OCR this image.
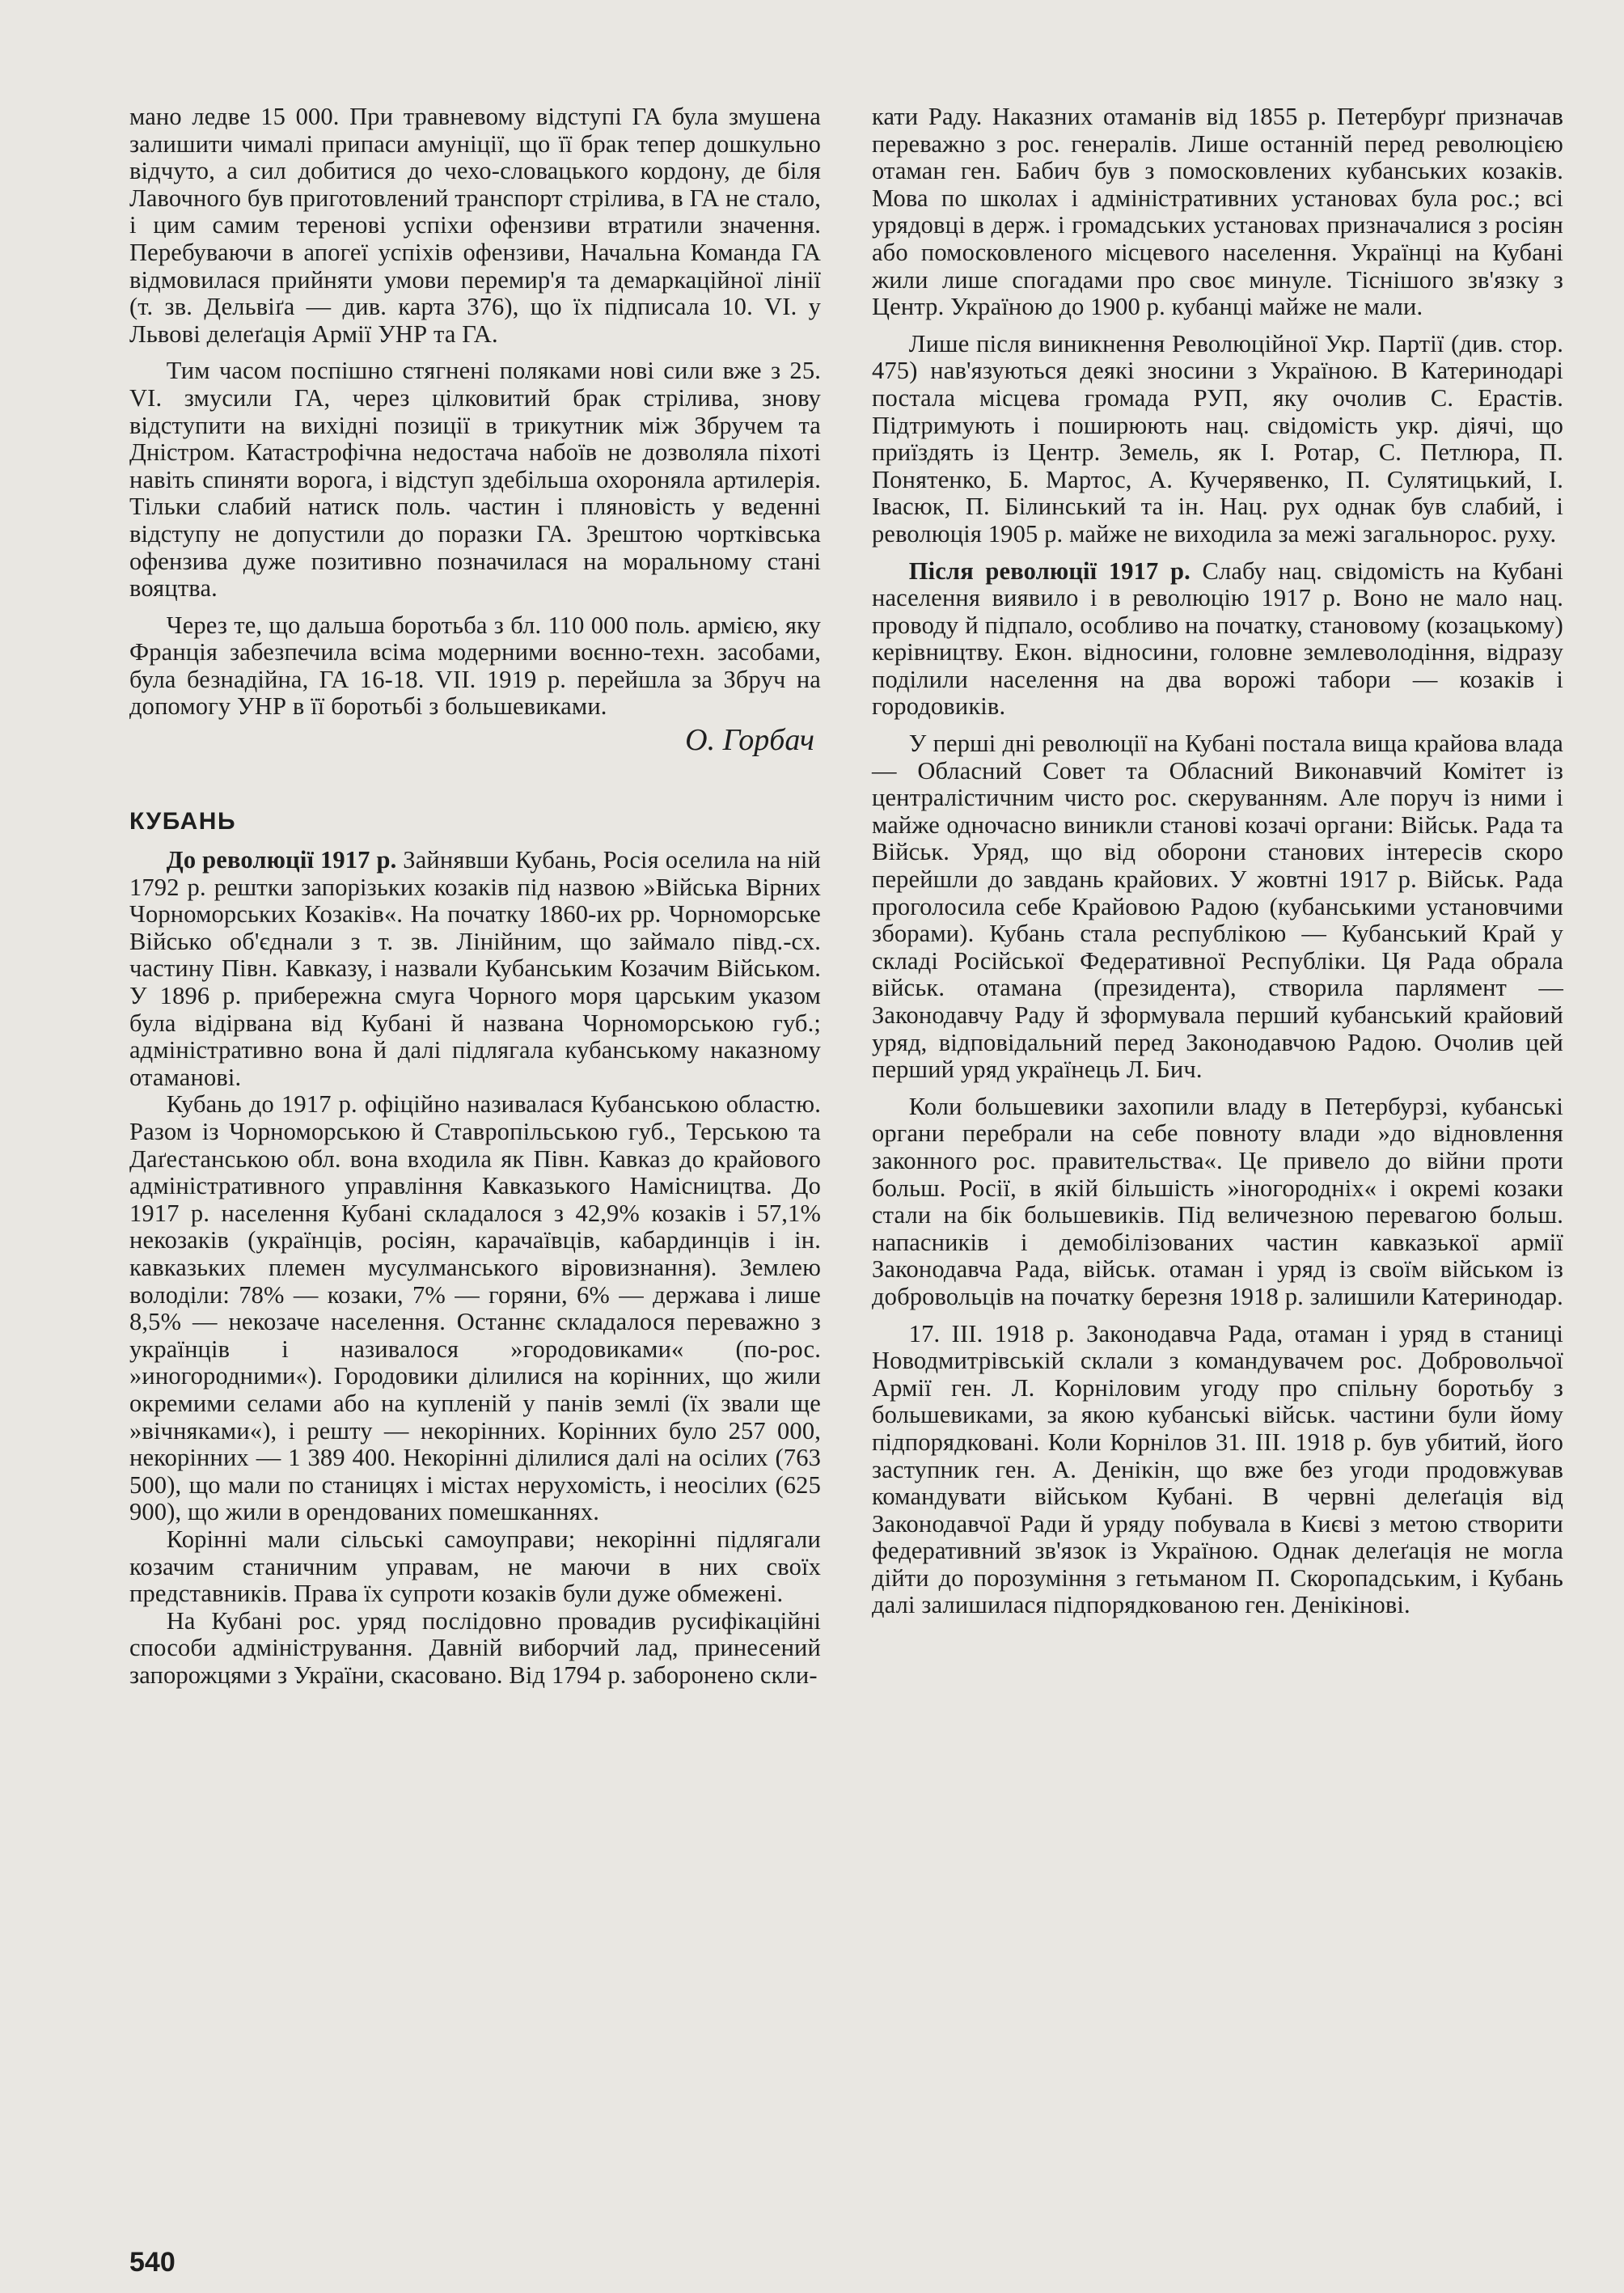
мано ледве 15 000. При травневому відступі ГА була змушена залишити чималі припаси амуніції, що її брак тепер дошкульно відчуто, а сил добитися до чехо-словацького кордону, де біля Лавочного був приготовлений транспорт стрілива, в ГА не стало, і цим самим теренові успіхи офензиви втратили значення. Перебуваючи в апогеї успіхів офензиви, Начальна Команда ГА відмовилася прийняти умови перемир'я та демаркаційної лінії (т. зв. Дельвіґа — див. карта 376), що їх підписала 10. VI. у Львові делеґація Армії УНР та ГА.

Тим часом поспішно стягнені поляками нові сили вже з 25. VI. змусили ГА, через цілковитий брак стрілива, знову відступити на вихідні позиції в трикутник між Збручем та Дністром. Катастрофічна недостача набоїв не дозволяла піхоті навіть спиняти ворога, і відступ здебільша охороняла артилерія. Тільки слабий натиск поль. частин і пляновість у веденні відступу не допустили до поразки ГА. Зрештою чортківська офензива дуже позитивно позначилася на моральному стані вояцтва.

Через те, що дальша боротьба з бл. 110 000 поль. армією, яку Франція забезпечила всіма модерними воєнно-техн. засобами, була безнадійна, ГА 16-18. VII. 1919 р. перейшла за Збруч на допомогу УНР в її боротьбі з большевиками.

О. Горбач
КУБАНЬ

До революції 1917 р. Зайнявши Кубань, Росія оселила на ній 1792 р. рештки запорізьких козаків під назвою »Війська Вірних Чорноморських Козаків«. На початку 1860-их рр. Чорноморське Військо об'єднали з т. зв. Лінійним, що займало півд.-сх. частину Півн. Кавказу, і назвали Кубанським Козачим Військом. У 1896 р. прибережна смуга Чорного моря царським указом була відірвана від Кубані й названа Чорноморською губ.; адміністративно вона й далі підлягала кубанському наказному отаманові.

Кубань до 1917 р. офіційно називалася Кубанською областю. Разом із Чорноморською й Ставропільською губ., Терською та Даґестанською обл. вона входила як Півн. Кавказ до крайового адміністративного управління Кавказького Намісництва. До 1917 р. населення Кубані складалося з 42,9% козаків і 57,1% некозаків (українців, росіян, карачаївців, кабардинців і ін. кавказьких племен мусулманського віровизнання). Землею володіли: 78% — козаки, 7% — горяни, 6% — держава і лише 8,5% — некозаче населення. Останнє складалося переважно з українців і називалося »городовиками« (по-рос. »иногородними«). Городовики ділилися на корінних, що жили окремими селами або на купленій у панів землі (їх звали ще »вічняками«), і решту — некорінних. Корінних було 257 000, некорінних — 1 389 400. Некорінні ділилися далі на осілих (763 500), що мали по станицях і містах нерухомість, і неосілих (625 900), що жили в орендованих помешканнях.

Корінні мали сільські самоуправи; некорінні підлягали козачим станичним управам, не маючи в них своїх представників. Права їх супроти козаків були дуже обмежені.

На Кубані рос. уряд послідовно провадив русифікаційні способи адміністрування. Давній виборчий лад, принесений запорожцями з України, скасовано. Від 1794 р. заборонено скли-

кати Раду. Наказних отаманів від 1855 р. Петербурґ призначав переважно з рос. генералів. Лише останній перед революцією отаман ген. Бабич був з помосковлених кубанських козаків. Мова по школах і адміністративних установах була рос.; всі урядовці в держ. і громадських установах призначалися з росіян або помосковленого місцевого населення. Українці на Кубані жили лише спогадами про своє минуле. Тіснішого зв'язку з Центр. Україною до 1900 р. кубанці майже не мали.

Лише після виникнення Революційної Укр. Партії (див. стор. 475) нав'язуються деякі зносини з Україною. В Катеринодарі постала місцева громада РУП, яку очолив С. Ерастів. Підтримують і поширюють нац. свідомість укр. діячі, що приїздять із Центр. Земель, як І. Ротар, С. Петлюра, П. Понятенко, Б. Мартос, А. Кучерявенко, П. Сулятицький, І. Івасюк, П. Білинський та ін. Нац. рух однак був слабий, і революція 1905 р. майже не виходила за межі загальнорос. руху.

Після революції 1917 р. Слабу нац. свідомість на Кубані населення виявило і в революцію 1917 р. Воно не мало нац. проводу й підпало, особливо на початку, становому (козацькому) керівництву. Екон. відносини, головне землеволодіння, відразу поділили населення на два ворожі табори — козаків і городовиків.

У перші дні революції на Кубані постала вища крайова влада — Обласний Совет та Обласний Виконавчий Комітет із централістичним чисто рос. скеруванням. Але поруч із ними і майже одночасно виникли станові козачі органи: Військ. Рада та Військ. Уряд, що від оборони станових інтересів скоро перейшли до завдань крайових. У жовтні 1917 р. Військ. Рада проголосила себе Крайовою Радою (кубанськими установчими зборами). Кубань стала республікою — Кубанський Край у складі Російської Федеративної Республіки. Ця Рада обрала військ. отамана (президента), створила парлямент — Законодавчу Раду й зформувала перший кубанський крайовий уряд, відповідальний перед Законодавчою Радою. Очолив цей перший уряд українець Л. Бич.

Коли большевики захопили владу в Петербурзі, кубанські органи перебрали на себе повноту влади »до відновлення законного рос. правительства«. Це привело до війни проти больш. Росії, в якій більшість »іногородніх« і окремі козаки стали на бік большевиків. Під величезною перевагою больш. напасників і демобілізованих частин кавказької армії Законодавча Рада, військ. отаман і уряд із своїм військом із добровольців на початку березня 1918 р. залишили Катеринодар.

17. III. 1918 р. Законодавча Рада, отаман і уряд в станиці Новодмитрівській склали з командувачем рос. Добровольчої Армії ген. Л. Корніловим угоду про спільну боротьбу з большевиками, за якою кубанські військ. частини були йому підпорядковані. Коли Корнілов 31. III. 1918 р. був убитий, його заступник ген. А. Денікін, що вже без угоди продовжував командувати військом Кубані. В червні делеґація від Законодавчої Ради й уряду побувала в Києві з метою створити федеративний зв'язок із Україною. Однак делеґація не могла дійти до порозуміння з гетьманом П. Скоропадським, і Кубань далі залишилася підпорядкованою ген. Денікінові.

540
